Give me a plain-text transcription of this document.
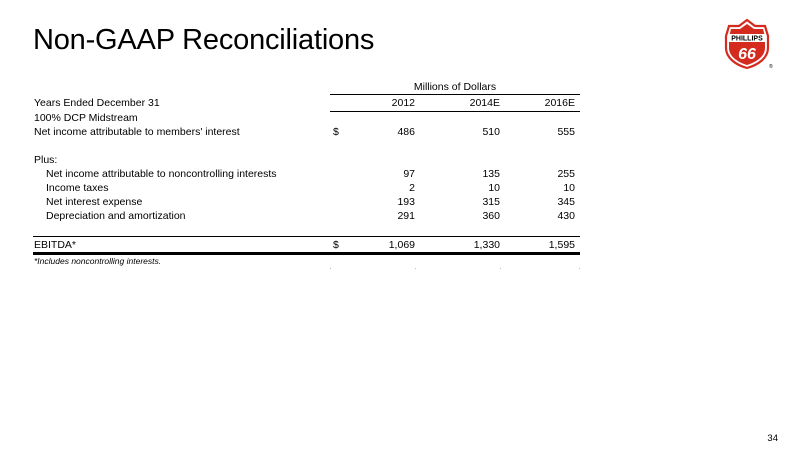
Non-GAAP Reconciliations	PHILLIPS
66
®
Millions of Dollars
Years Ended December 31	2012	2014E	2016E
100% DCP Midstream
Net income attributable to members' interest	$	486	510	555
Plus:
Net income attributable to noncontrolling interests	97	135	255
Income taxes	2	10	10
Net interest expense	193	315	345
Depreciation and amortization	291	360	430
EBITDA*	$	1,069	1,330	1,595
*Includes noncontrolling interests.
34
